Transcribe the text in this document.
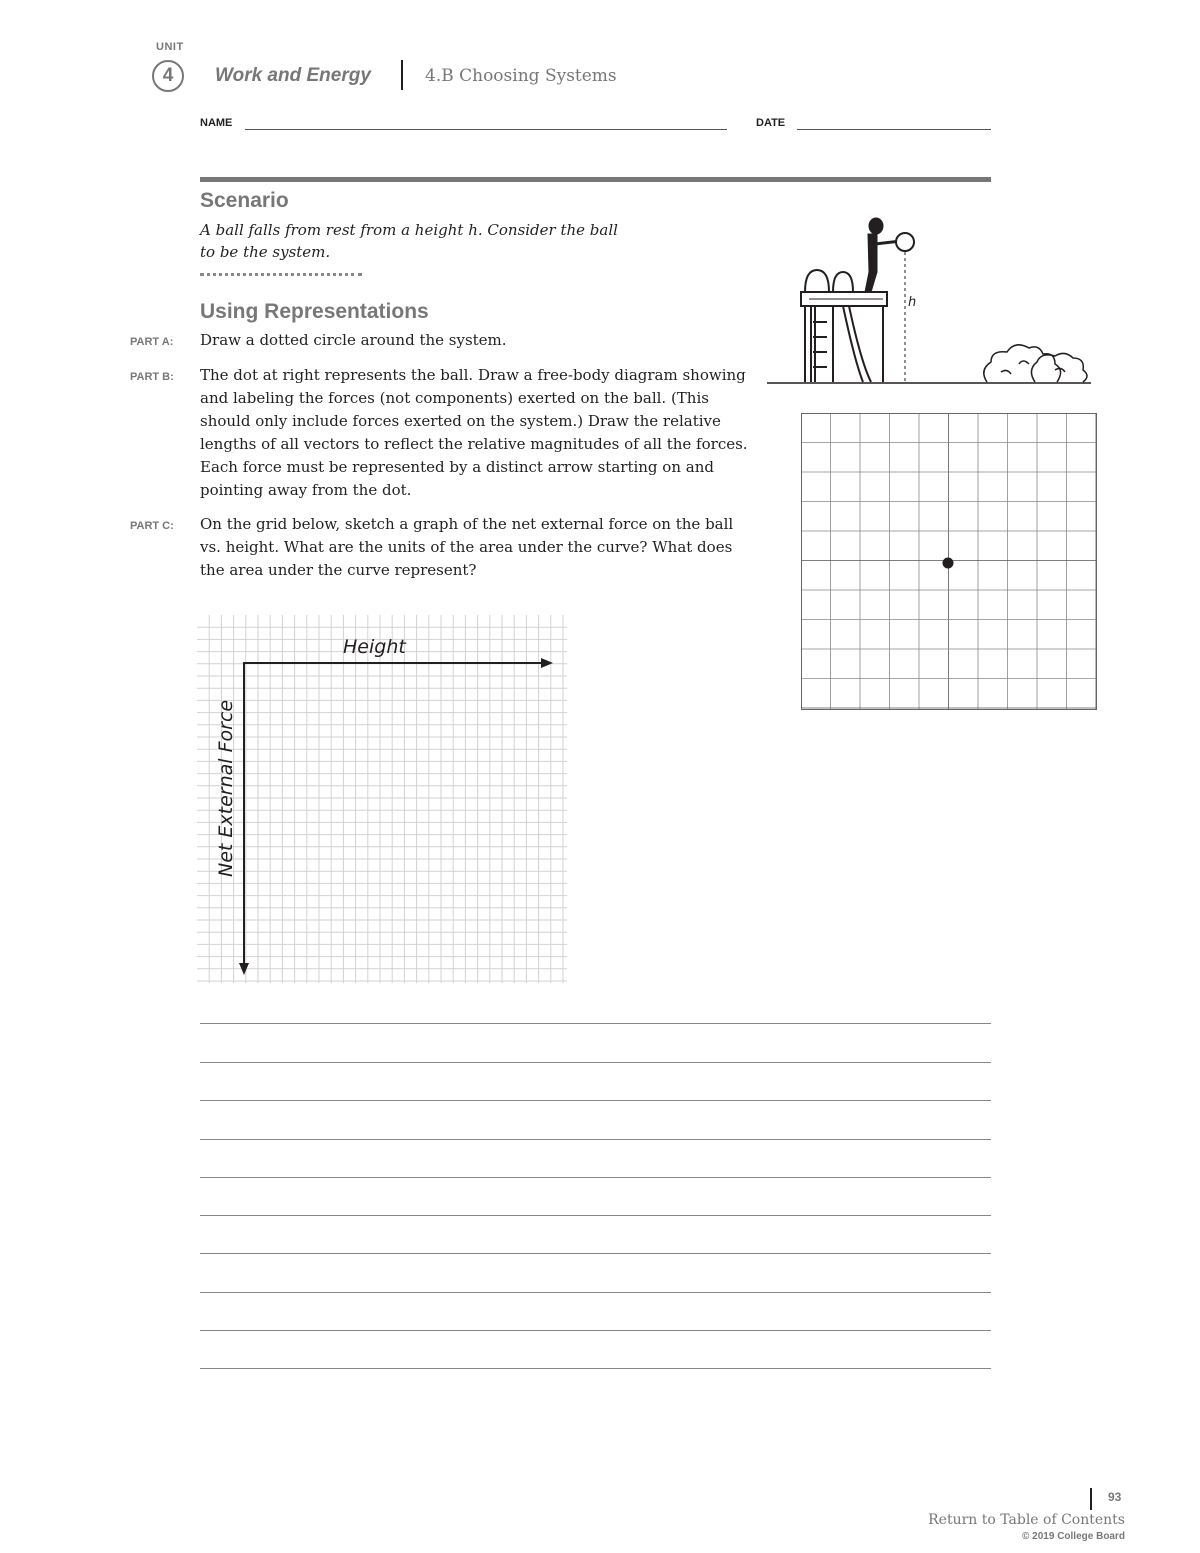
UNIT
4	Work and Energy	4.B Choosing Systems
NAME	DATE
Scenario
A ball falls from rest from a height h. Consider the ball to be the system.
Using Representations
PART A: Draw a dotted circle around the system.
PART B: The dot at right represents the ball. Draw a free-body diagram showing and labeling the forces (not components) exerted on the ball. (This should only include forces exerted on the system.) Draw the relative lengths of all vectors to reflect the relative magnitudes of all the forces. Each force must be represented by a distinct arrow starting on and pointing away from the dot.
PART C: On the grid below, sketch a graph of the net external force on the ball vs. height. What are the units of the area under the curve? What does the area under the curve represent?
h
Height
Net External Force
93
Return to Table of Contents
© 2019 College Board
